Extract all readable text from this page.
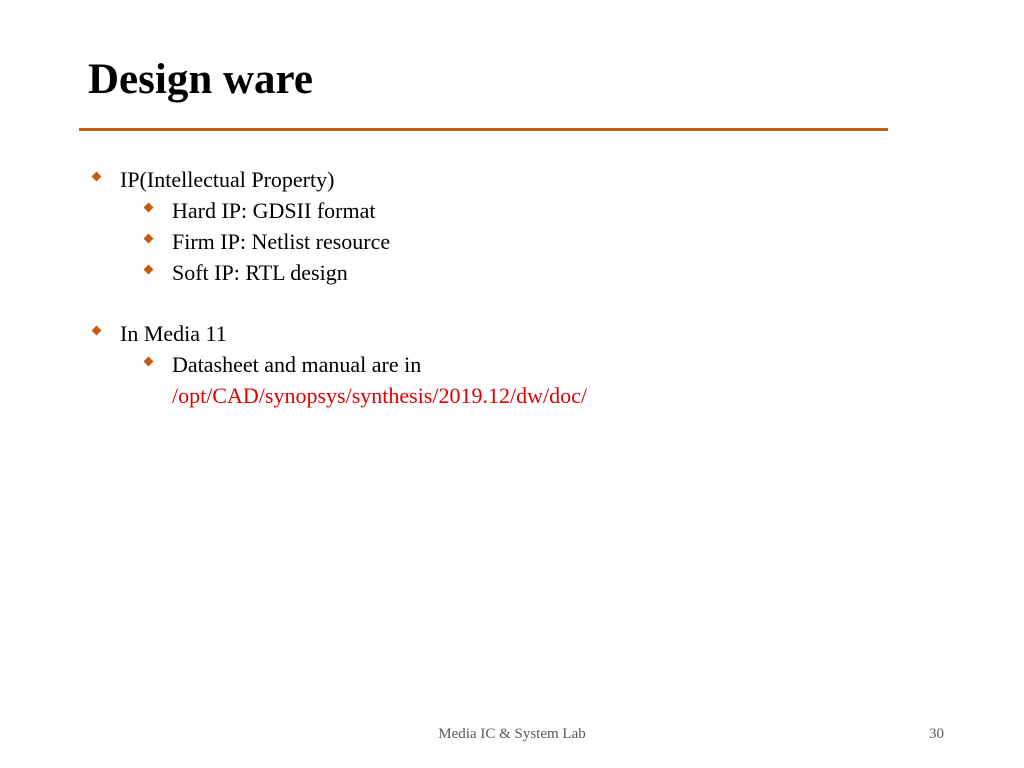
Design ware
IP(Intellectual Property)
Hard IP: GDSII format
Firm IP: Netlist resource
Soft IP: RTL design
In Media 11
Datasheet and manual are in
/opt/CAD/synopsys/synthesis/2019.12/dw/doc/
Media IC & System Lab	30
